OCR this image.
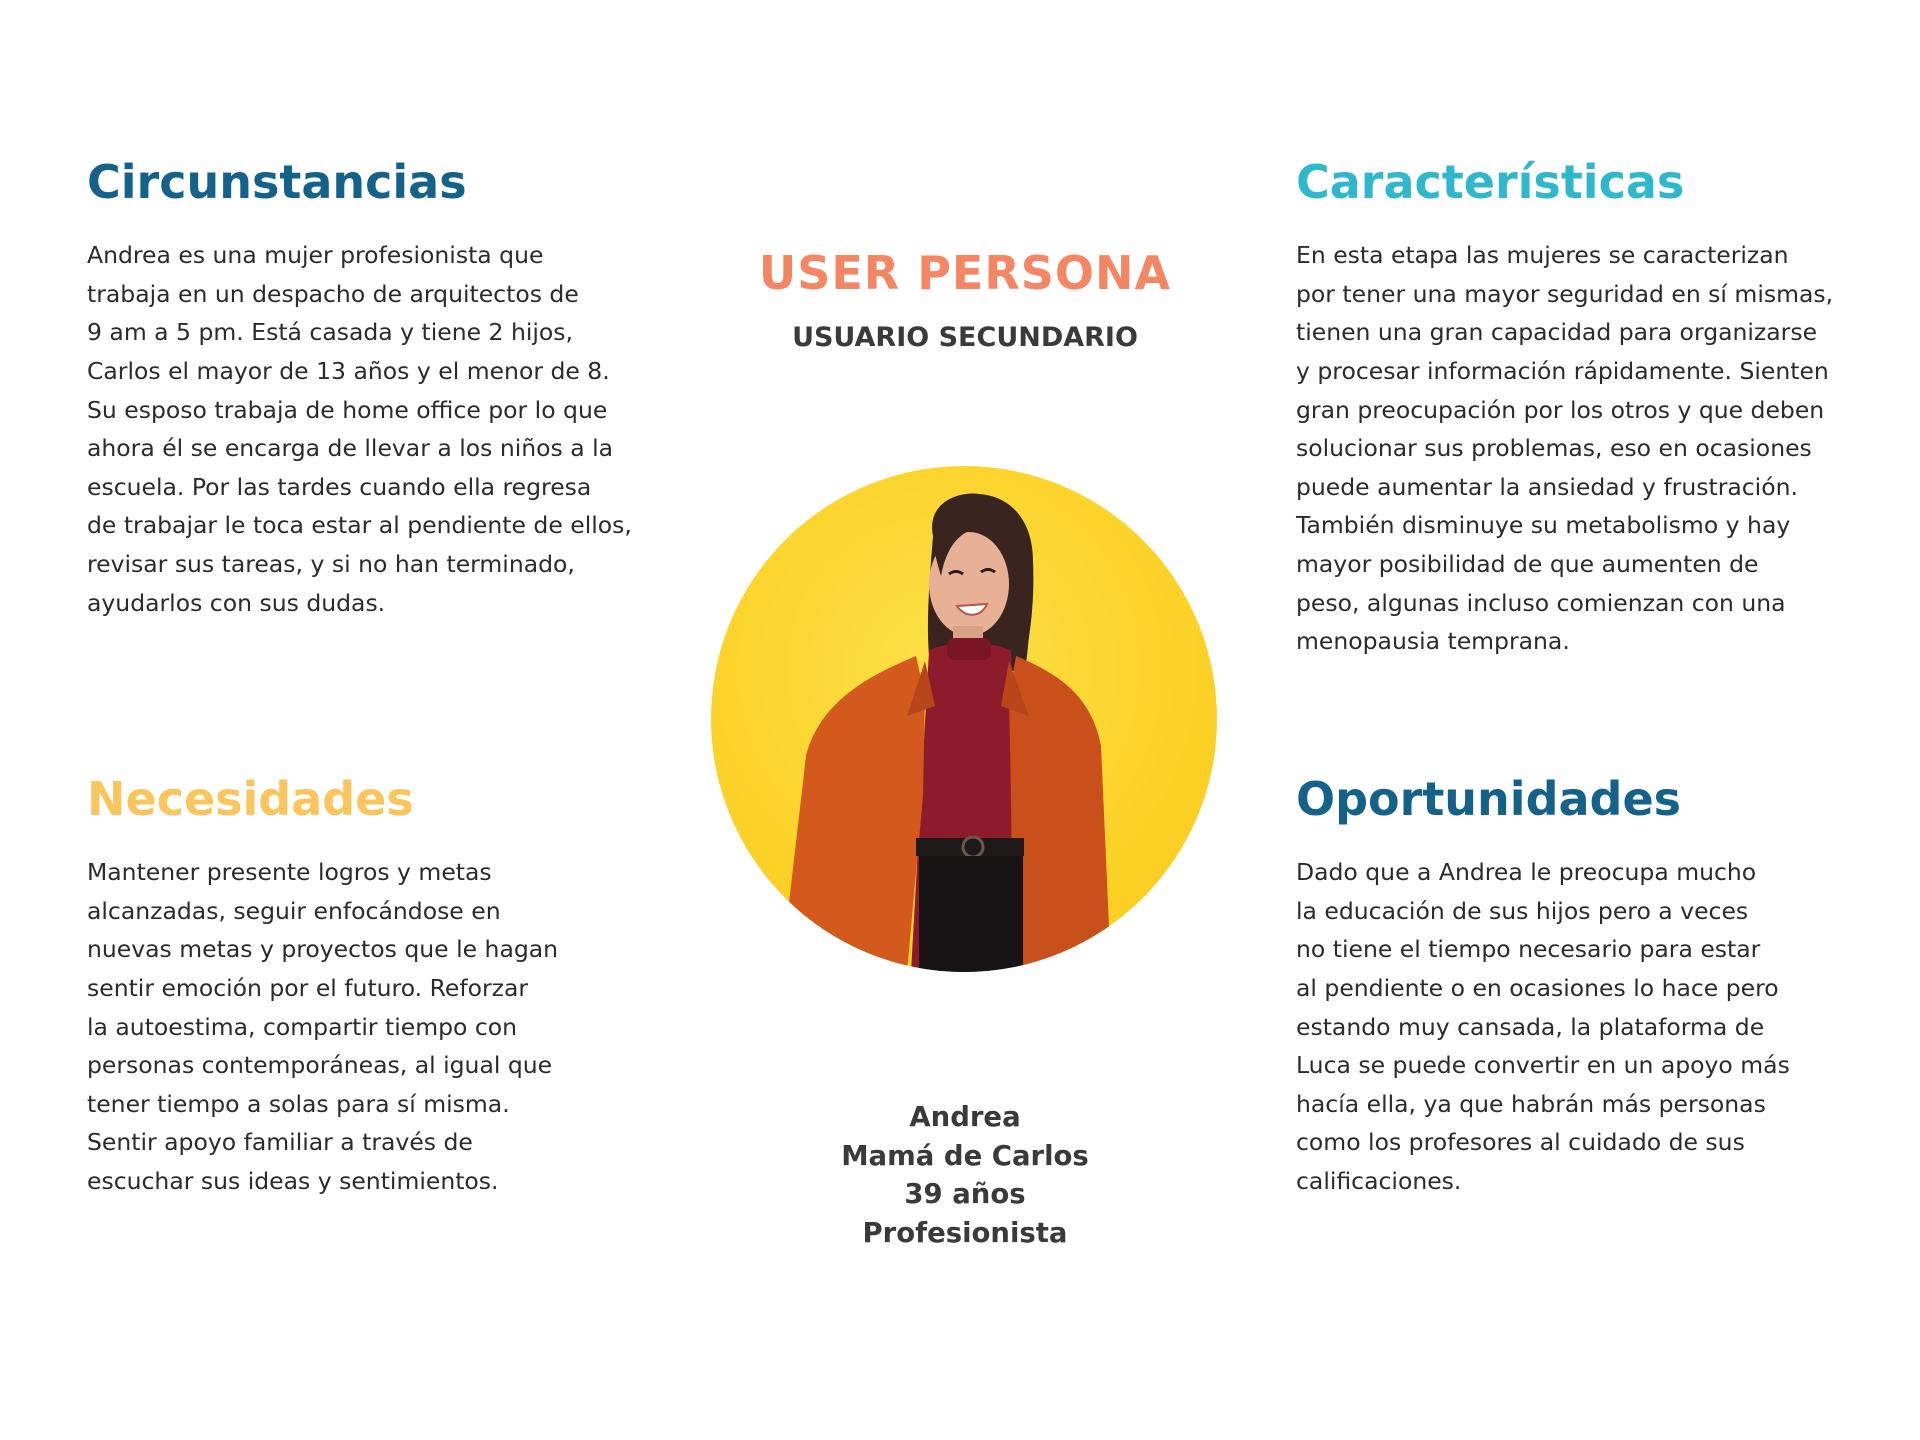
Circunstancias

Andrea es una mujer profesionista que
trabaja en un despacho de arquitectos de
9 am a 5 pm. Está casada y tiene 2 hijos,
Carlos el mayor de 13 años y el menor de 8.
Su esposo trabaja de home office por lo que
ahora él se encarga de llevar a los niños a la
escuela. Por las tardes cuando ella regresa
de trabajar le toca estar al pendiente de ellos,
revisar sus tareas, y si no han terminado,
ayudarlos con sus dudas.

Características

En esta etapa las mujeres se caracterizan
por tener una mayor seguridad en sí mismas,
tienen una gran capacidad para organizarse
y procesar información rápidamente. Sienten
gran preocupación por los otros y que deben
solucionar sus problemas, eso en ocasiones
puede aumentar la ansiedad y frustración.
También disminuye su metabolismo y hay
mayor posibilidad de que aumenten de
peso, algunas incluso comienzan con una
menopausia temprana.

Necesidades

Mantener presente logros y metas
alcanzadas, seguir enfocándose en
nuevas metas y proyectos que le hagan
sentir emoción por el futuro. Reforzar
la autoestima, compartir tiempo con
personas contemporáneas, al igual que
tener tiempo a solas para sí misma.
Sentir apoyo familiar a través de
escuchar sus ideas y sentimientos.

Oportunidades

Dado que a Andrea le preocupa mucho
la educación de sus hijos pero a veces
no tiene el tiempo necesario para estar
al pendiente o en ocasiones lo hace pero
estando muy cansada, la plataforma de
Luca se puede convertir en un apoyo más
hacía ella, ya que habrán más personas
como los profesores al cuidado de sus
calificaciones.

USER PERSONA
USUARIO SECUNDARIO
Andrea
Mamá de Carlos
39 años
Profesionista
